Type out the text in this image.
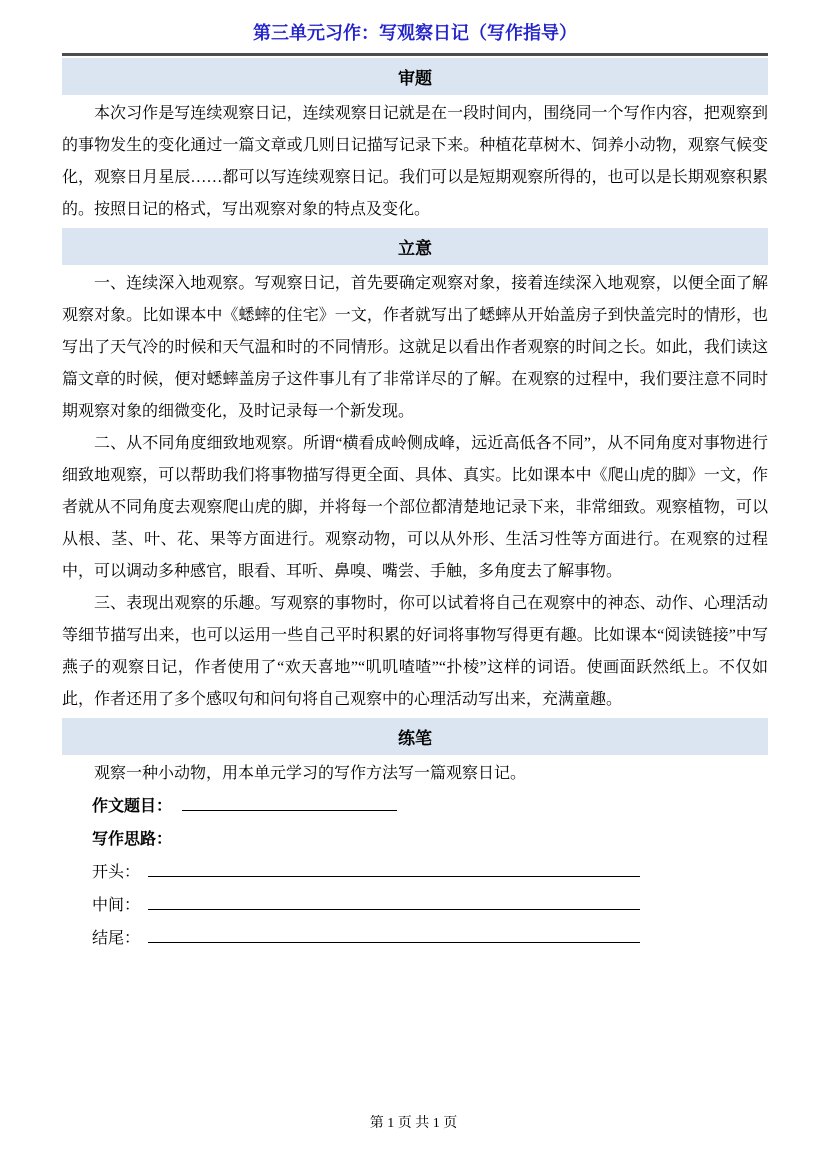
第三单元习作：写观察日记（写作指导）
审题

本次习作是写连续观察日记，连续观察日记就是在一段时间内，围绕同一个写作内容，把观察到的事物发生的变化通过一篇文章或几则日记描写记录下来。种植花草树木、饲养小动物，观察气候变化，观察日月星辰……都可以写连续观察日记。我们可以是短期观察所得的，也可以是长期观察积累的。按照日记的格式，写出观察对象的特点及变化。

立意

一、连续深入地观察。写观察日记，首先要确定观察对象，接着连续深入地观察，以便全面了解观察对象。比如课本中《蟋蟀的住宅》一文，作者就写出了蟋蟀从开始盖房子到快盖完时的情形，也写出了天气冷的时候和天气温和时的不同情形。这就足以看出作者观察的时间之长。如此，我们读这篇文章的时候，便对蟋蟀盖房子这件事儿有了非常详尽的了解。在观察的过程中，我们要注意不同时期观察对象的细微变化，及时记录每一个新发现。

二、从不同角度细致地观察。所谓“横看成岭侧成峰，远近高低各不同”，从不同角度对事物进行细致地观察，可以帮助我们将事物描写得更全面、具体、真实。比如课本中《爬山虎的脚》一文，作者就从不同角度去观察爬山虎的脚，并将每一个部位都清楚地记录下来，非常细致。观察植物，可以从根、茎、叶、花、果等方面进行。观察动物，可以从外形、生活习性等方面进行。在观察的过程中，可以调动多种感官，眼看、耳听、鼻嗅、嘴尝、手触，多角度去了解事物。

三、表现出观察的乐趣。写观察的事物时，你可以试着将自己在观察中的神态、动作、心理活动等细节描写出来，也可以运用一些自己平时积累的好词将事物写得更有趣。比如课本“阅读链接”中写燕子的观察日记，作者使用了“欢天喜地”“叽叽喳喳”“扑棱”这样的词语。使画面跃然纸上。不仅如此，作者还用了多个感叹句和问句将自己观察中的心理活动写出来，充满童趣。

练笔

观察一种小动物，用本单元学习的写作方法写一篇观察日记。

作文题目：
写作思路：
开头：
中间：
结尾：
第 1 页 共 1 页
